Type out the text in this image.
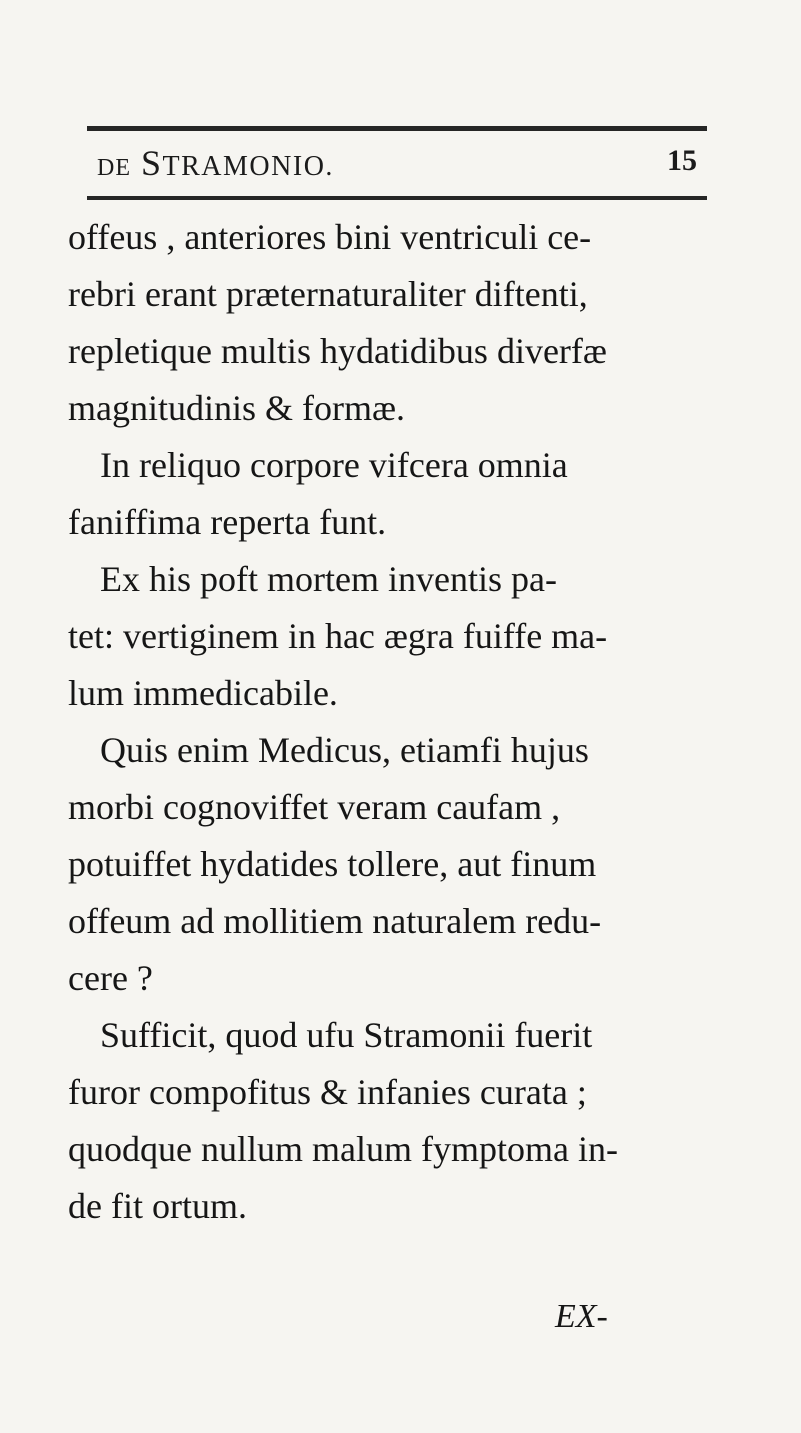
DE STRAMONIO.	15
offeus , anteriores bini ventriculi ce-
rebri erant præternaturaliter diftenti,
repletique multis hydatidibus diverfæ
magnitudinis & formæ.
In reliquo corpore vifcera omnia
faniffima reperta funt.
Ex his poft mortem inventis pa-
tet: vertiginem in hac ægra fuiffe ma-
lum immedicabile.
Quis enim Medicus, etiamfi hujus
morbi cognoviffet veram caufam ,
potuiffet hydatides tollere, aut finum
offeum ad mollitiem naturalem redu-
cere ?
Sufficit, quod ufu Stramonii fuerit
furor compofitus & infanies curata ;
quodque nullum malum fymptoma in-
de fit ortum.
EX-
